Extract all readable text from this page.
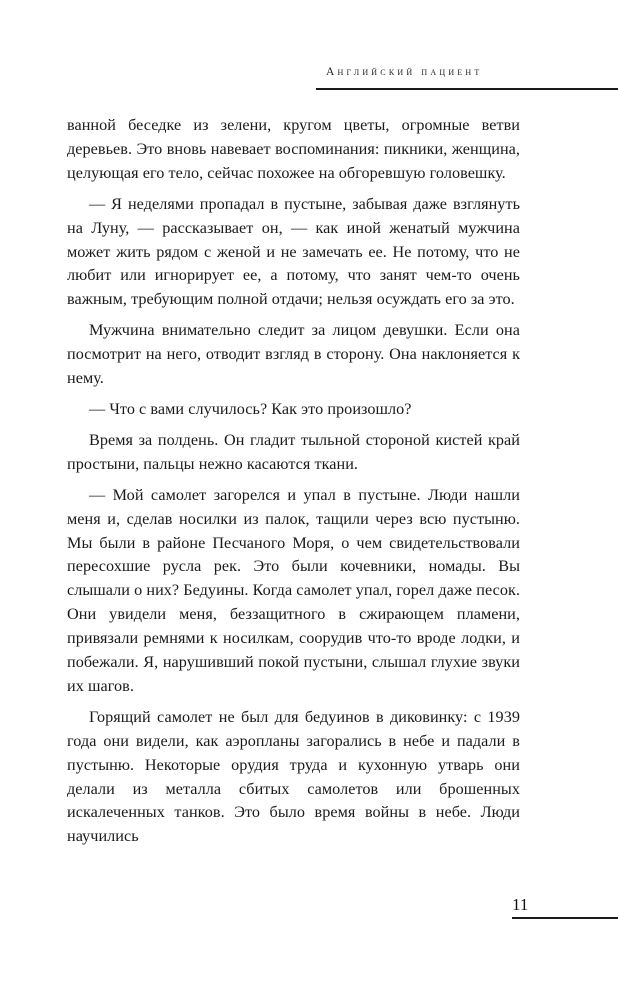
Английский пациент

ванной беседке из зелени, кругом цветы, огромные ветви деревьев. Это вновь навевает воспоминания: пикники, женщина, целующая его тело, сейчас похожее на обгоревшую головешку.

— Я неделями пропадал в пустыне, забывая даже взглянуть на Луну, — рассказывает он, — как иной женатый мужчина может жить рядом с женой и не замечать ее. Не потому, что не любит или игнорирует ее, а потому, что занят чем-то очень важным, требующим полной отдачи; нельзя осуждать его за это.

Мужчина внимательно следит за лицом девушки. Если она посмотрит на него, отводит взгляд в сторону. Она наклоняется к нему.

— Что с вами случилось? Как это произошло?

Время за полдень. Он гладит тыльной стороной кистей край простыни, пальцы нежно касаются ткани.

— Мой самолет загорелся и упал в пустыне. Люди нашли меня и, сделав носилки из палок, тащили через всю пустыню. Мы были в районе Песчаного Моря, о чем свидетельствовали пересохшие русла рек. Это были кочевники, номады. Вы слышали о них? Бедуины. Когда самолет упал, горел даже песок. Они увидели меня, беззащитного в сжирающем пламени, привязали ремнями к носилкам, соорудив что-то вроде лодки, и побежали. Я, нарушивший покой пустыни, слышал глухие звуки их шагов.

Горящий самолет не был для бедуинов в диковинку: с 1939 года они видели, как аэропланы загорались в небе и падали в пустыню. Некоторые орудия труда и кухонную утварь они делали из металла сбитых самолетов или брошенных искалеченных танков. Это было время войны в небе. Люди научились

11
